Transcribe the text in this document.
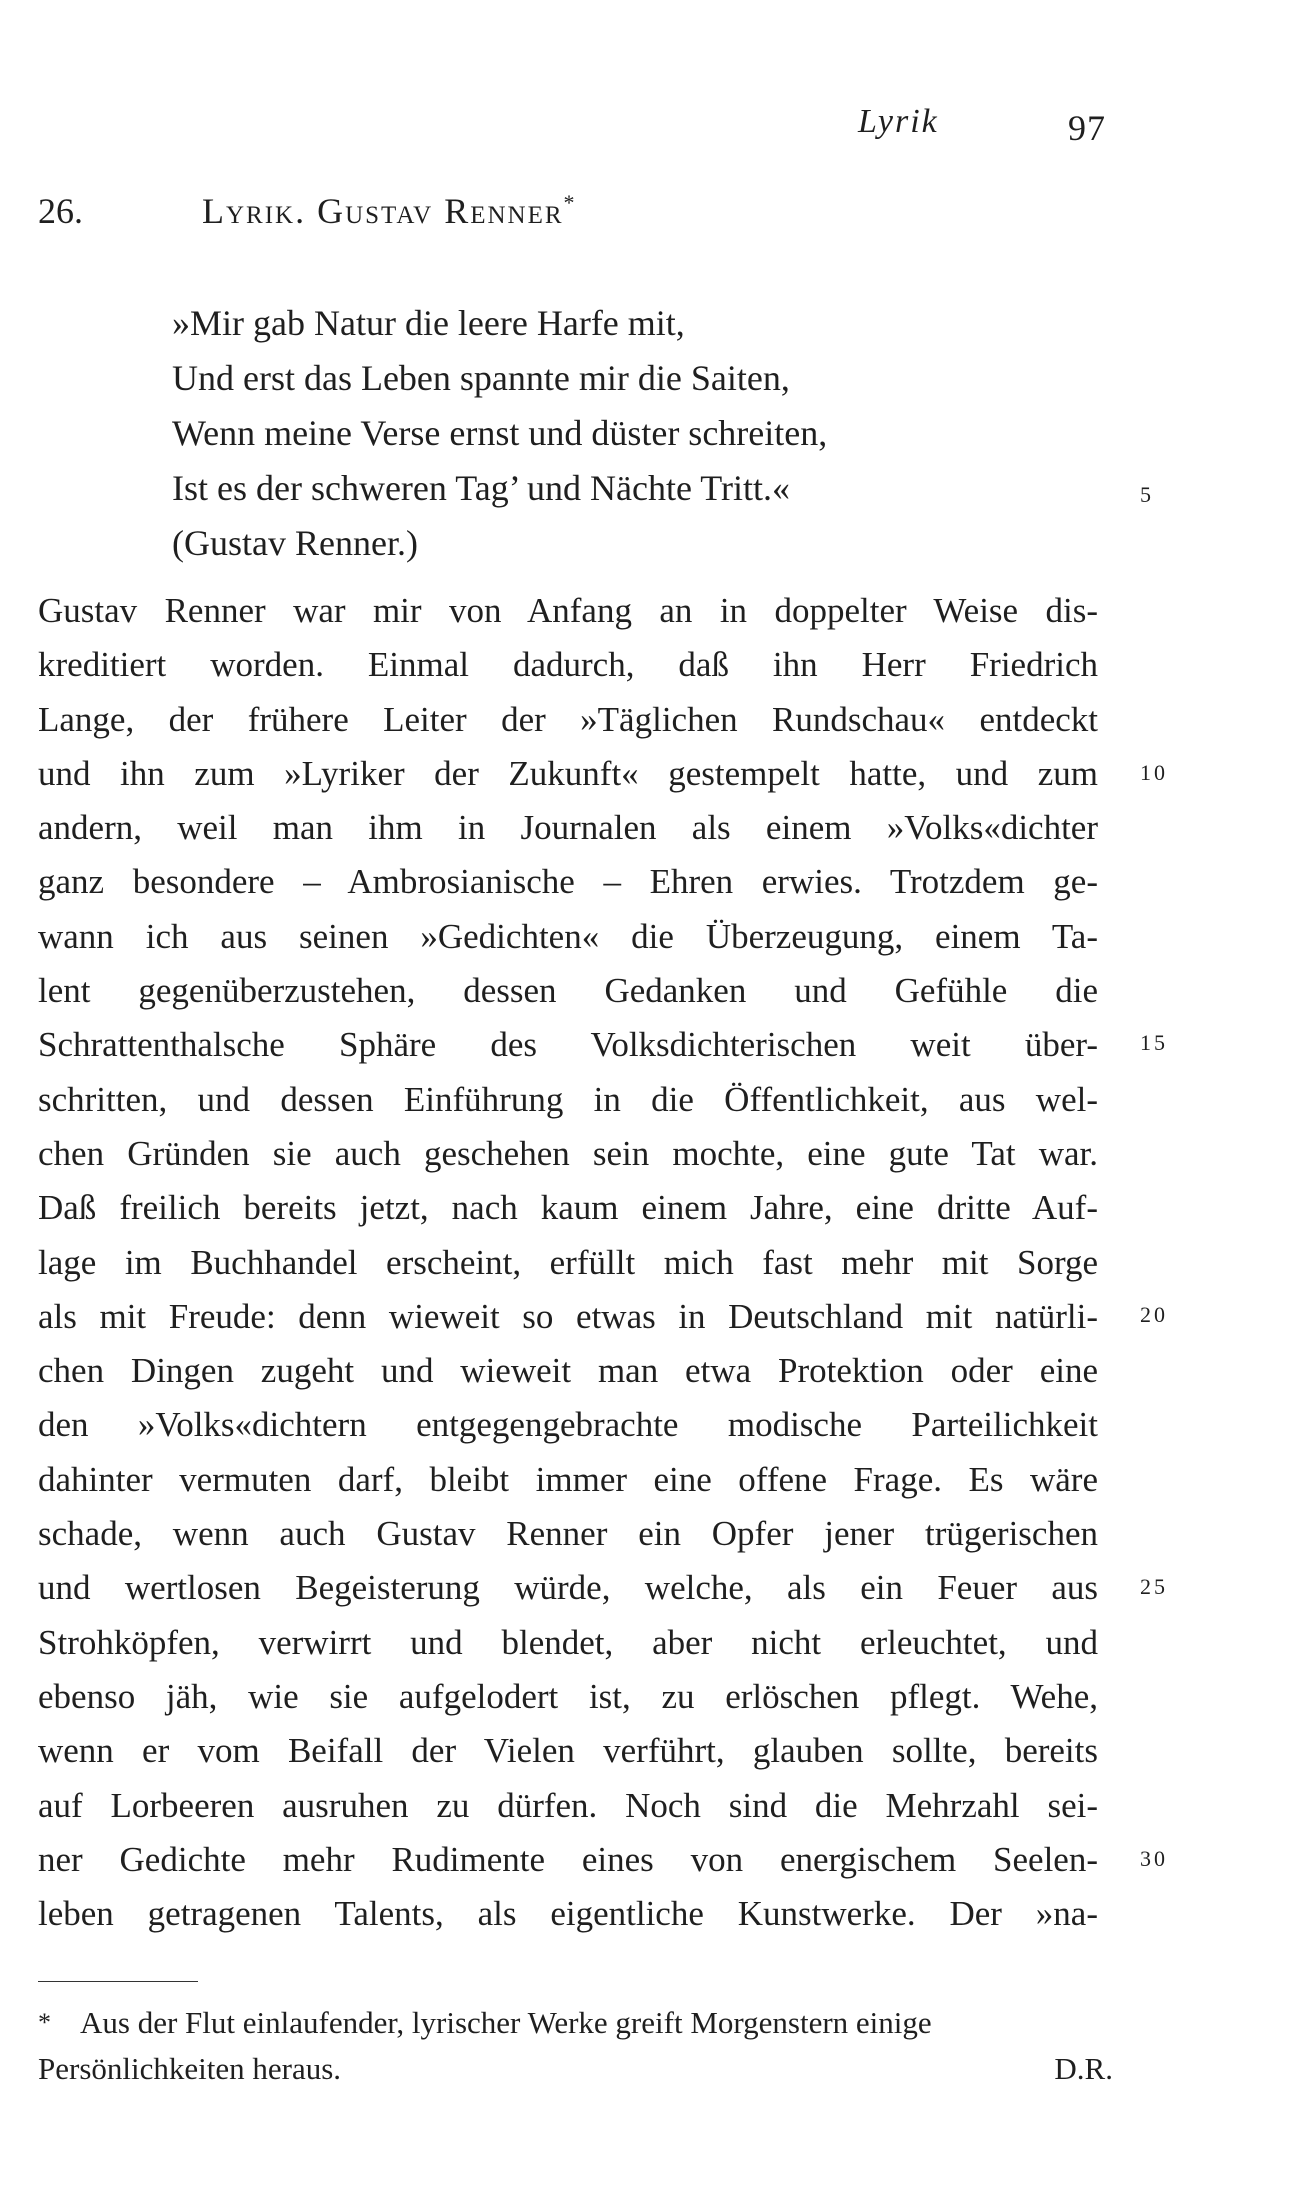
Lyrik	97
26.	Lyrik. Gustav Renner*
»Mir gab Natur die leere Harfe mit,
Und erst das Leben spannte mir die Saiten,
Wenn meine Verse ernst und düster schreiten,
Ist es der schweren Tag’ und Nächte Tritt.«
(Gustav Renner.)
Gustav Renner war mir von Anfang an in doppelter Weise dis-
kreditiert worden. Einmal dadurch, daß ihn Herr Friedrich
Lange, der frühere Leiter der »Täglichen Rundschau« entdeckt
und ihn zum »Lyriker der Zukunft« gestempelt hatte, und zum
andern, weil man ihm in Journalen als einem »Volks«dichter
ganz besondere – Ambrosianische – Ehren erwies. Trotzdem ge-
wann ich aus seinen »Gedichten« die Überzeugung, einem Ta-
lent gegenüberzustehen, dessen Gedanken und Gefühle die
Schrattenthalsche Sphäre des Volksdichterischen weit über-
schritten, und dessen Einführung in die Öffentlichkeit, aus wel-
chen Gründen sie auch geschehen sein mochte, eine gute Tat war.
Daß freilich bereits jetzt, nach kaum einem Jahre, eine dritte Auf-
lage im Buchhandel erscheint, erfüllt mich fast mehr mit Sorge
als mit Freude: denn wieweit so etwas in Deutschland mit natürli-
chen Dingen zugeht und wieweit man etwa Protektion oder eine
den »Volks«dichtern entgegengebrachte modische Parteilichkeit
dahinter vermuten darf, bleibt immer eine offene Frage. Es wäre
schade, wenn auch Gustav Renner ein Opfer jener trügerischen
und wertlosen Begeisterung würde, welche, als ein Feuer aus
Strohköpfen, verwirrt und blendet, aber nicht erleuchtet, und
ebenso jäh, wie sie aufgelodert ist, zu erlöschen pflegt. Wehe,
wenn er vom Beifall der Vielen verführt, glauben sollte, bereits
auf Lorbeeren ausruhen zu dürfen. Noch sind die Mehrzahl sei-
ner Gedichte mehr Rudimente eines von energischem Seelen-
leben getragenen Talents, als eigentliche Kunstwerke. Der »na-
5
10
15
20
25
30
* Aus der Flut einlaufender, lyrischer Werke greift Morgenstern einige
Persönlichkeiten heraus.	D.R.
